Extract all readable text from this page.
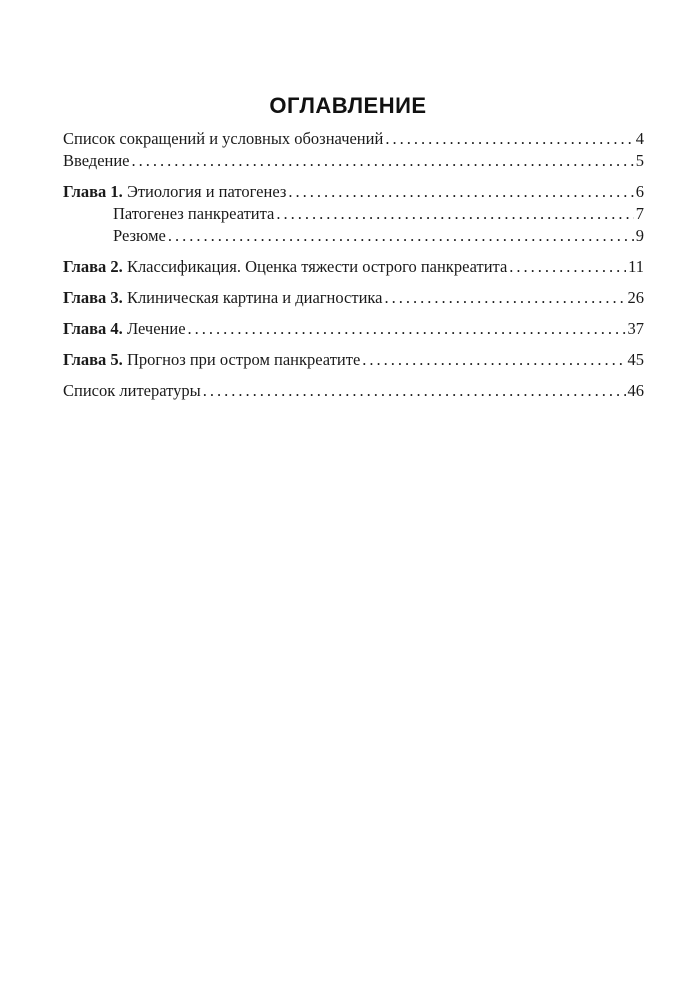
ОГЛАВЛЕНИЕ
Список сокращений и условных обозначений .....	4
Введение .....	5
Глава 1. Этиология и патогенез .....	6
Патогенез панкреатита .....	7
Резюме .....	9
Глава 2. Классификация. Оценка тяжести острого панкреатита .....	11
Глава 3. Клиническая картина и диагностика .....	26
Глава 4. Лечение .....	37
Глава 5. Прогноз при остром панкреатите .....	45
Список литературы .....	46
